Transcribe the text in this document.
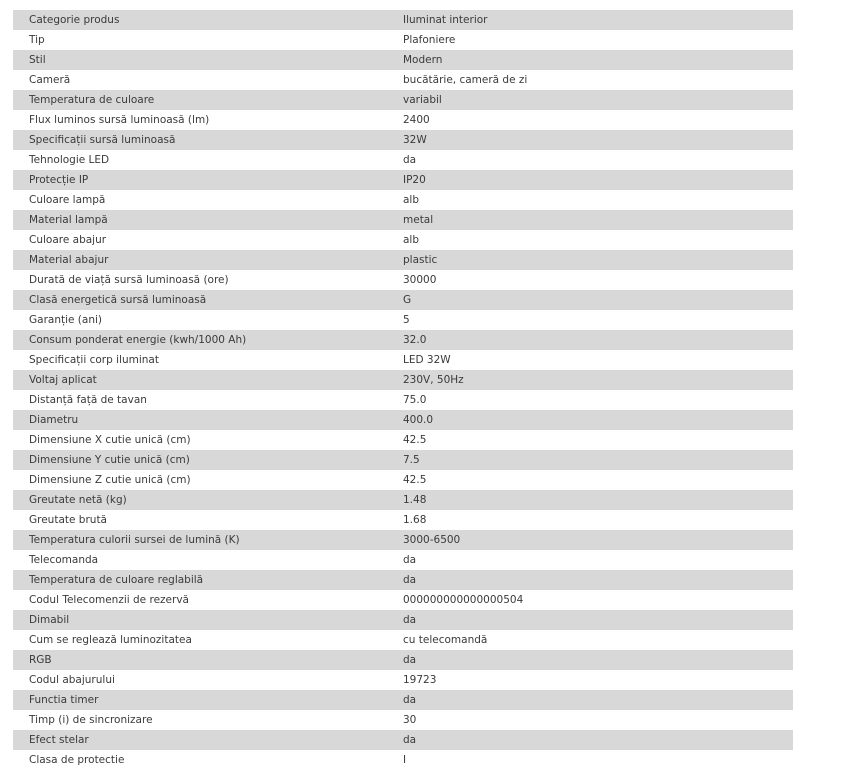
Categorie produs	Iluminat interior
Tip	Plafoniere
Stil	Modern
Cameră	bucătărie, cameră de zi
Temperatura de culoare	variabil
Flux luminos sursă luminoasă (lm)	2400
Specificații sursă luminoasă	32W
Tehnologie LED	da
Protecție IP	IP20
Culoare lampă	alb
Material lampă	metal
Culoare abajur	alb
Material abajur	plastic
Durată de viață sursă luminoasă (ore)	30000
Clasă energetică sursă luminoasă	G
Garanție (ani)	5
Consum ponderat energie (kwh/1000 Ah)	32.0
Specificații corp iluminat	LED 32W
Voltaj aplicat	230V, 50Hz
Distanță față de tavan	75.0
Diametru	400.0
Dimensiune X cutie unică (cm)	42.5
Dimensiune Y cutie unică (cm)	7.5
Dimensiune Z cutie unică (cm)	42.5
Greutate netă (kg)	1.48
Greutate brută	1.68
Temperatura culorii sursei de lumină (K)	3000-6500
Telecomanda	da
Temperatura de culoare reglabilă	da
Codul Telecomenzii de rezervă	000000000000000504
Dimabil	da
Cum se reglează luminozitatea	cu telecomandă
RGB	da
Codul abajurului	19723
Functia timer	da
Timp (i) de sincronizare	30
Efect stelar	da
Clasa de protectie	I
